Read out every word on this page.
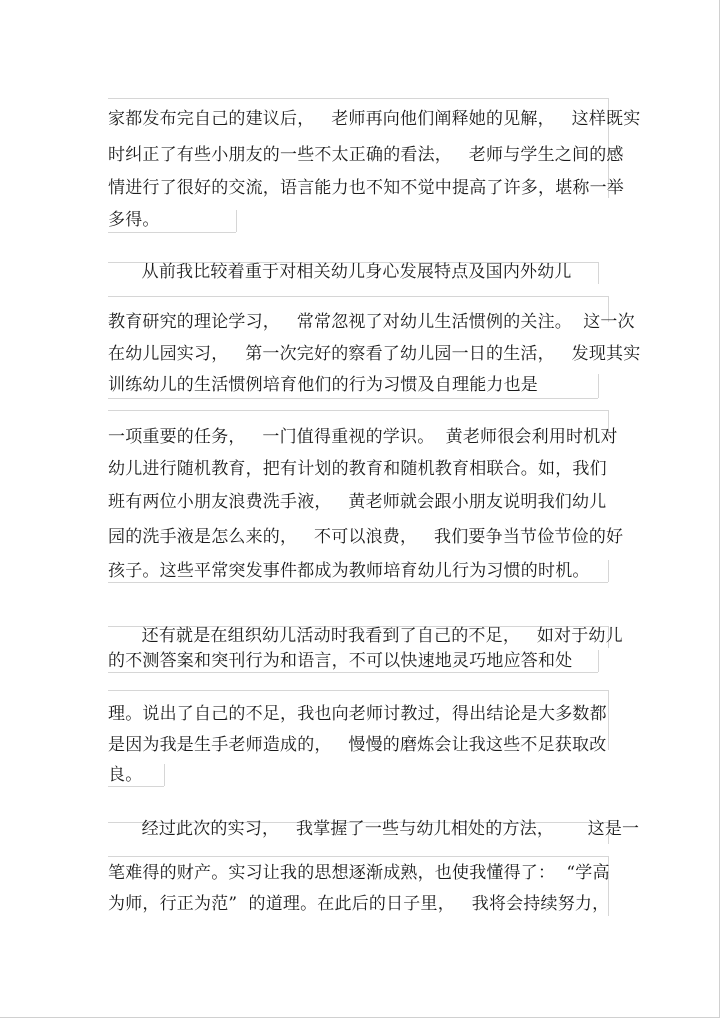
家都发布完自己的建议后，   老师再向他们阐释她的见解，   这样既实
时纠正了有些小朋友的一些不太正确的看法，   老师与学生之间的感
情进行了很好的交流，语言能力也不知不觉中提高了许多，堪称一举
多得。
从前我比较着重于对相关幼儿身心发展特点及国内外幼儿
教育研究的理论学习，   常常忽视了对幼儿生活惯例的关注。  这一次
在幼儿园实习，   第一次完好的察看了幼儿园一日的生活，   发现其实
训练幼儿的生活惯例培育他们的行为习惯及自理能力也是
一项重要的任务，   一门值得重视的学识。  黄老师很会利用时机对
幼儿进行随机教育，把有计划的教育和随机教育相联合。如，我们
班有两位小朋友浪费洗手液，   黄老师就会跟小朋友说明我们幼儿
园的洗手液是怎么来的，   不可以浪费，   我们要争当节俭节俭的好
孩子。这些平常突发事件都成为教师培育幼儿行为习惯的时机。
还有就是在组织幼儿活动时我看到了自己的不足，   如对于幼儿
的不测答案和突刊行为和语言，不可以快速地灵巧地应答和处
理。说出了自己的不足，我也向老师讨教过，得出结论是大多数都
是因为我是生手老师造成的，   慢慢的磨炼会让我这些不足获取改
良。
经过此次的实习，   我掌握了一些与幼儿相处的方法，      这是一
笔难得的财产。实习让我的思想逐渐成熟，也使我懂得了：  “学高
为师，行正为范”  的道理。在此后的日子里，   我将会持续努力，
